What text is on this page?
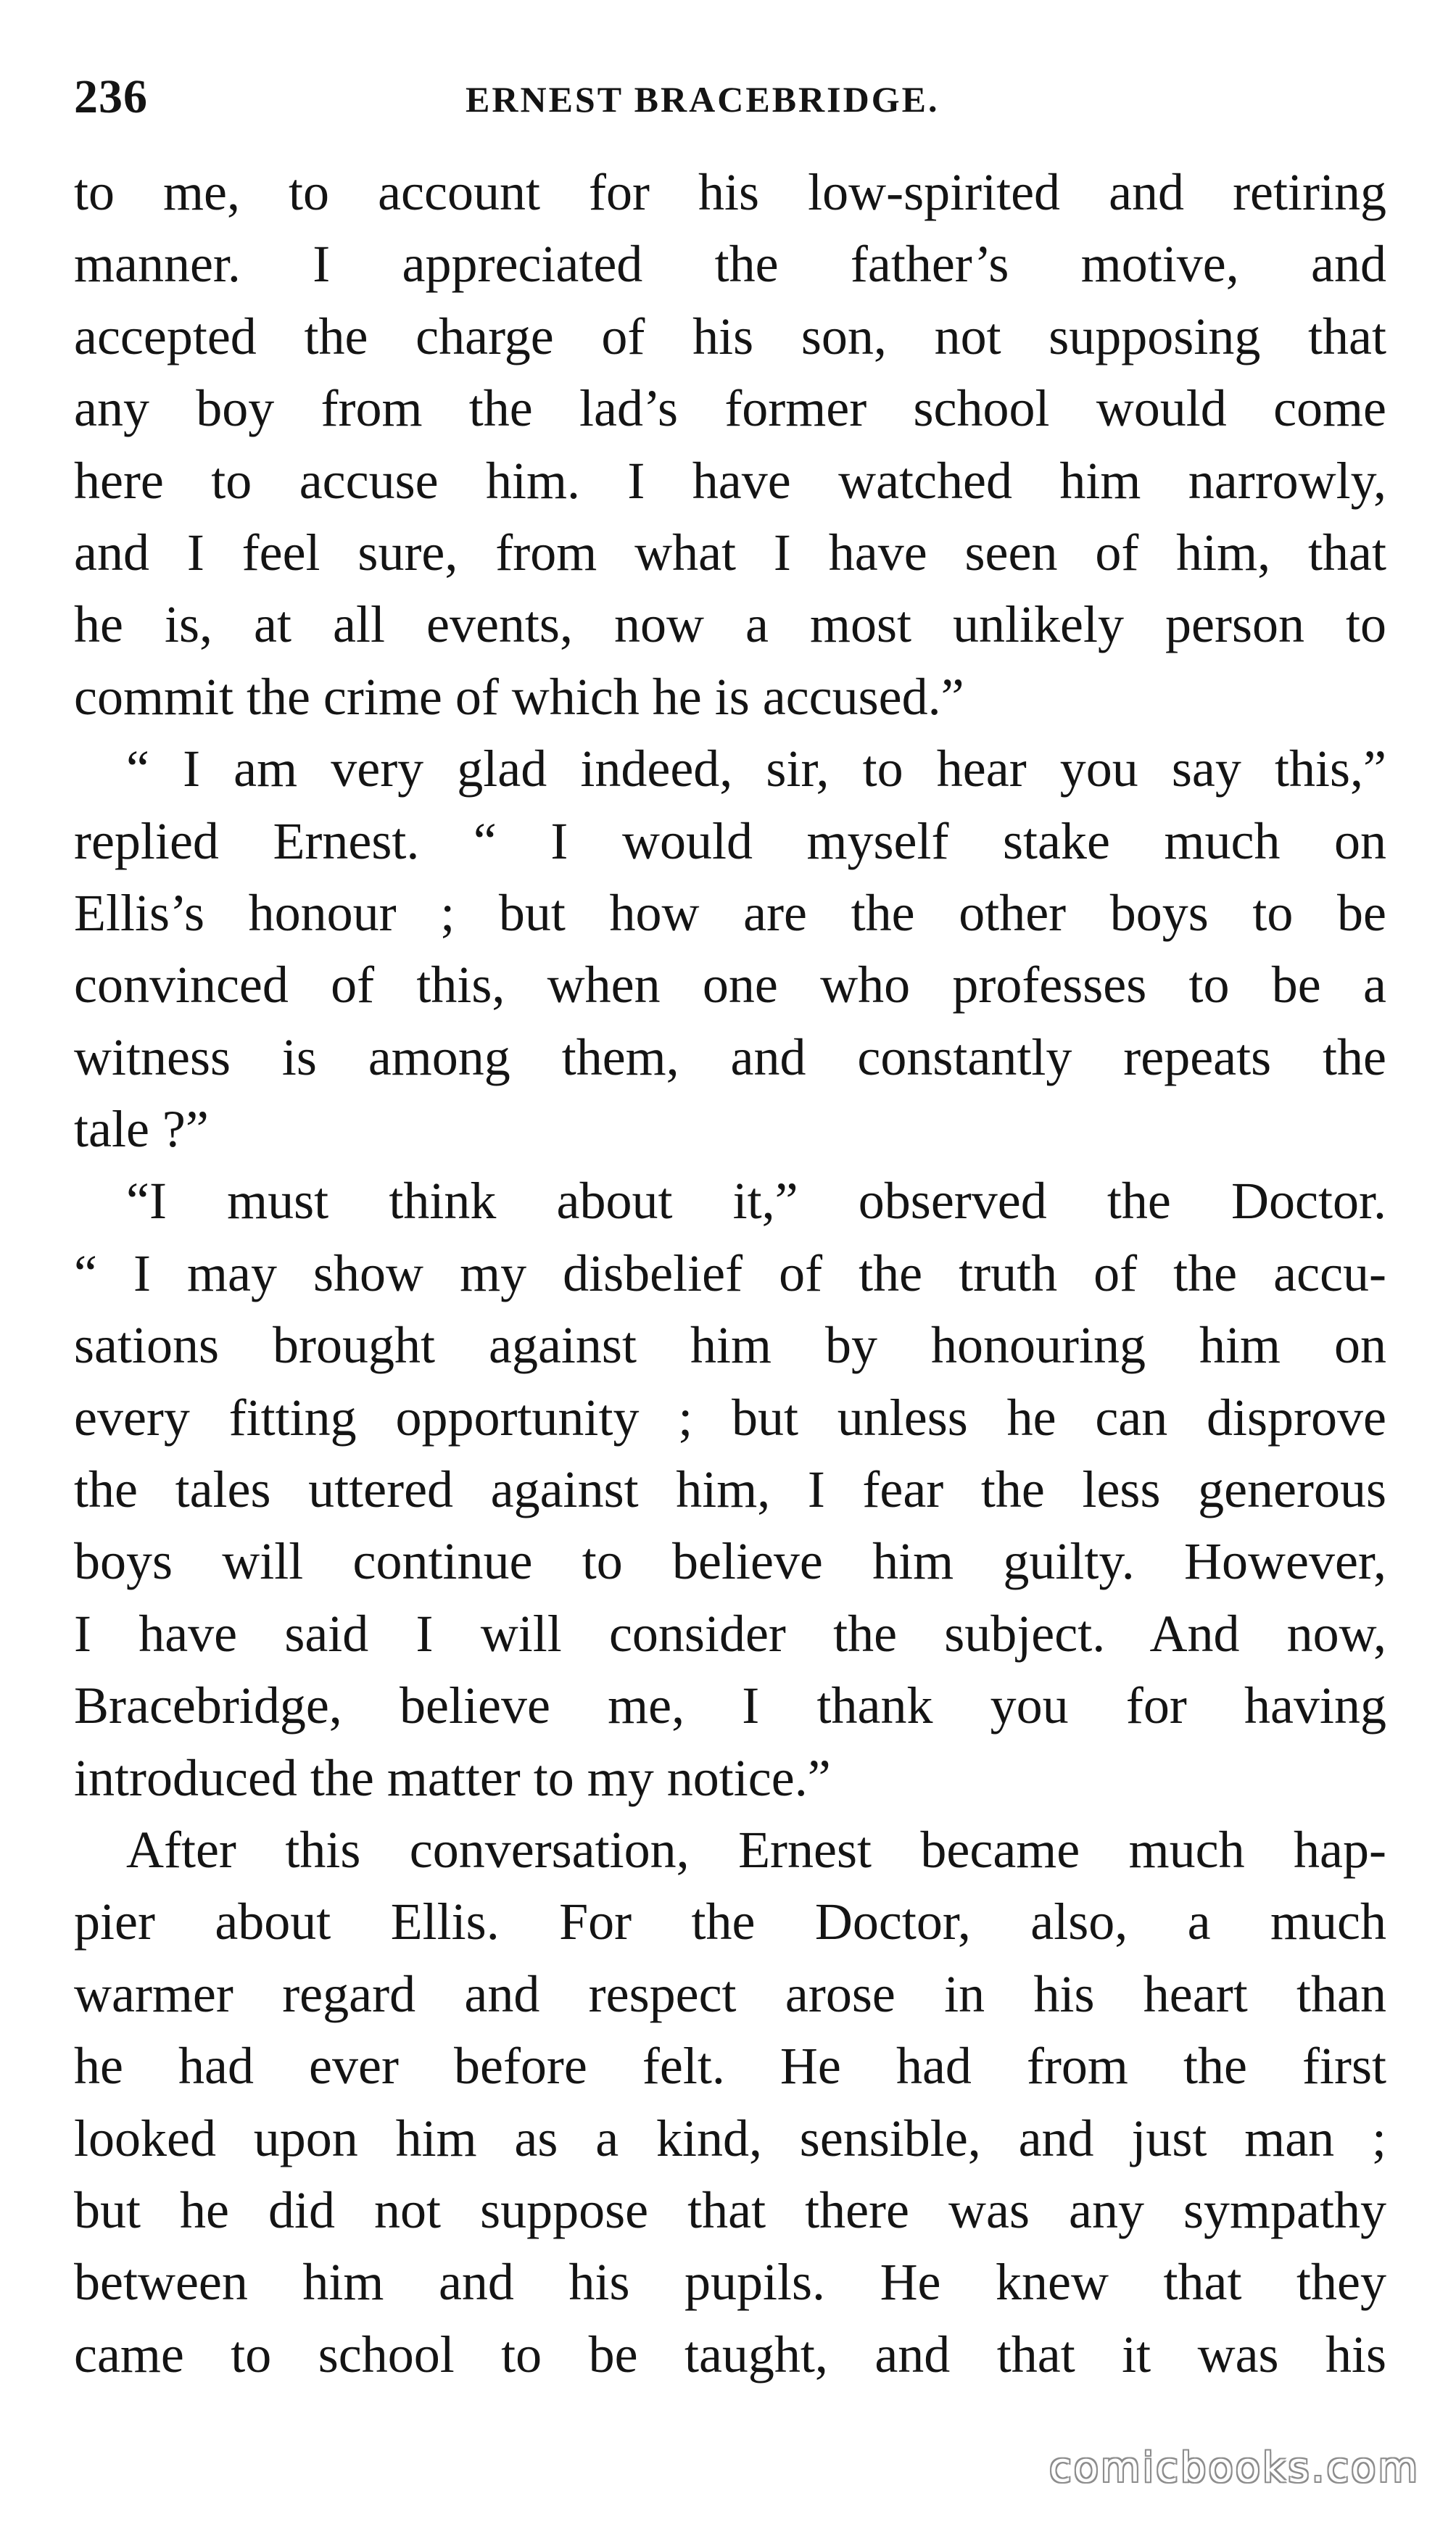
236	ERNEST BRACEBRIDGE.
to me, to account for his low-spirited and retiring
manner. I appreciated the father’s motive, and
accepted the charge of his son, not supposing that
any boy from the lad’s former school would come
here to accuse him. I have watched him narrowly,
and I feel sure, from what I have seen of him, that
he is, at all events, now a most unlikely person to
commit the crime of which he is accused.”
“ I am very glad indeed, sir, to hear you say this,”
replied Ernest. “ I would myself stake much on
Ellis’s honour ; but how are the other boys to be
convinced of this, when one who professes to be a
witness is among them, and constantly repeats the
tale ?”
“I must think about it,” observed the Doctor.
“ I may show my disbelief of the truth of the accu-
sations brought against him by honouring him on
every fitting opportunity ; but unless he can disprove
the tales uttered against him, I fear the less generous
boys will continue to believe him guilty. However,
I have said I will consider the subject. And now,
Bracebridge, believe me, I thank you for having
introduced the matter to my notice.”
After this conversation, Ernest became much hap-
pier about Ellis. For the Doctor, also, a much
warmer regard and respect arose in his heart than
he had ever before felt. He had from the first
looked upon him as a kind, sensible, and just man ;
but he did not suppose that there was any sympathy
between him and his pupils. He knew that they
came to school to be taught, and that it was his
comicbooks.com
